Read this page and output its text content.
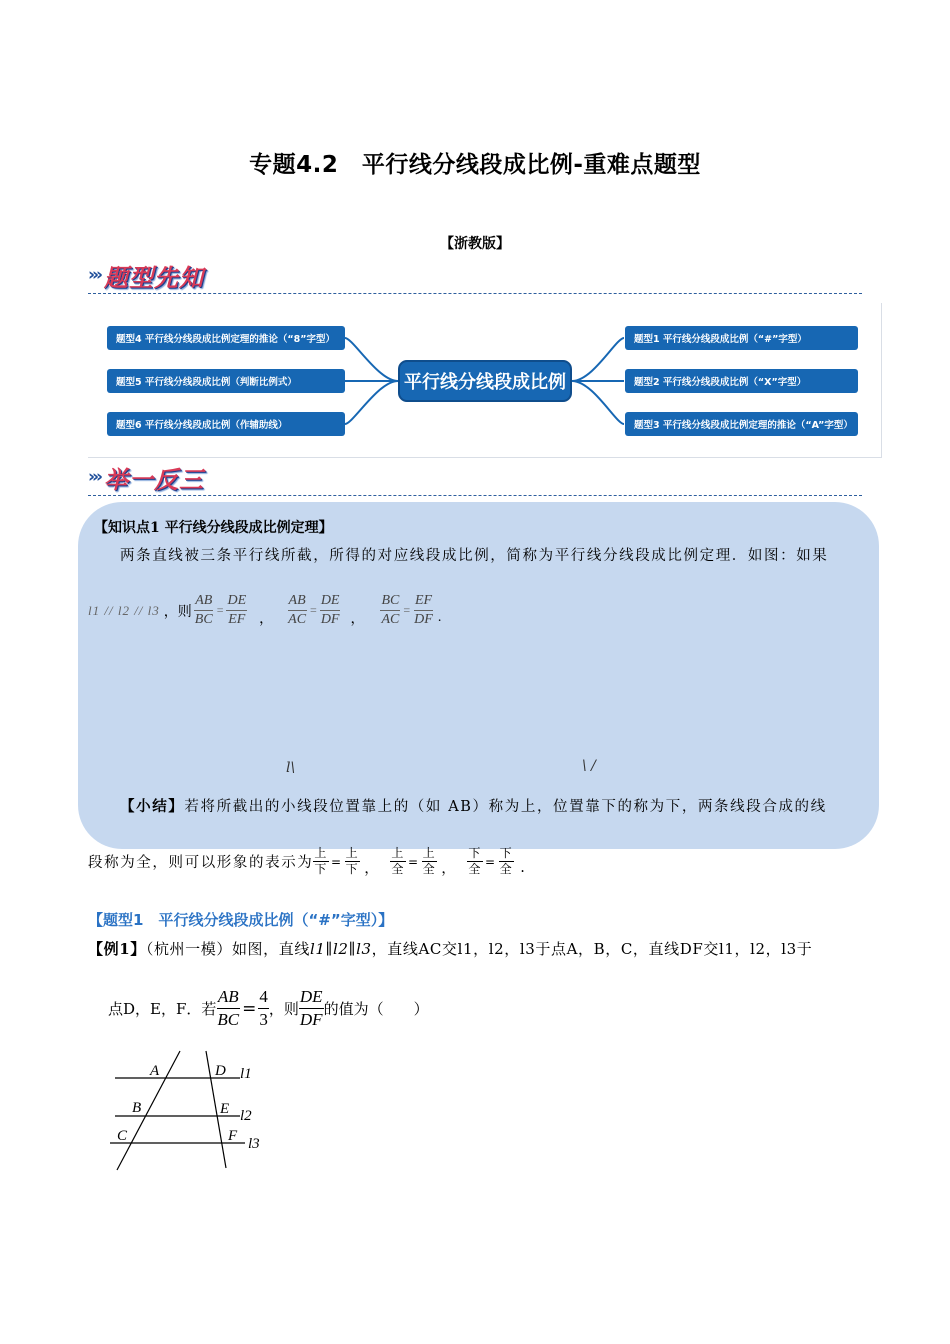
专题4.2　平行线分线段成比例-重难点题型
【浙教版】
››› 题型先知
题型4 平行线分线段成比例定理的推论（“8”字型）
题型5 平行线分线段成比例（判断比例式）
题型6 平行线分线段成比例（作辅助线）
平行线分线段成比例
题型1 平行线分线段成比例（“#”字型）
题型2 平行线分线段成比例（“X”字型）
题型3 平行线分线段成比例定理的推论（“A”字型）
››› 举一反三
【知识点1 平行线分线段成比例定理】
两条直线被三条平行线所截，所得的对应线段成比例，简称为平行线分线段成比例定理．如图：如果
l1 // l2 // l3 ，则 $\frac{AB}{BC} = \frac{DE}{EF}$ ， $\frac{AB}{AC} = \frac{DE}{DF}$ ， $\frac{BC}{AC} = \frac{EF}{DF}$ .
l\	\ /
【小结】若将所截出的小线段位置靠上的（如 AB）称为上，位置靠下的称为下，两条线段合成的线
段称为全，则可以形象的表示为 $\frac{\text{上}}{\text{下}} = \frac{\text{上}}{\text{下}}$ ， $\frac{\text{上}}{\text{全}} = \frac{\text{上}}{\text{全}}$ ， $\frac{\text{下}}{\text{全}} = \frac{\text{下}}{\text{全}}$ .
【题型1　平行线分线段成比例（“#”字型）】
【例1】（杭州一模）如图，直线l1∥l2∥l3，直线AC交l1，l2，l3于点A，B，C，直线DF交l1，l2，l3于
点D，E，F．若 $\frac{AB}{BC} = \frac{4}{3}$ ，则 $\frac{DE}{DF}$ 的值为（　　）
A	D l1
B	E l2
C	F l3
